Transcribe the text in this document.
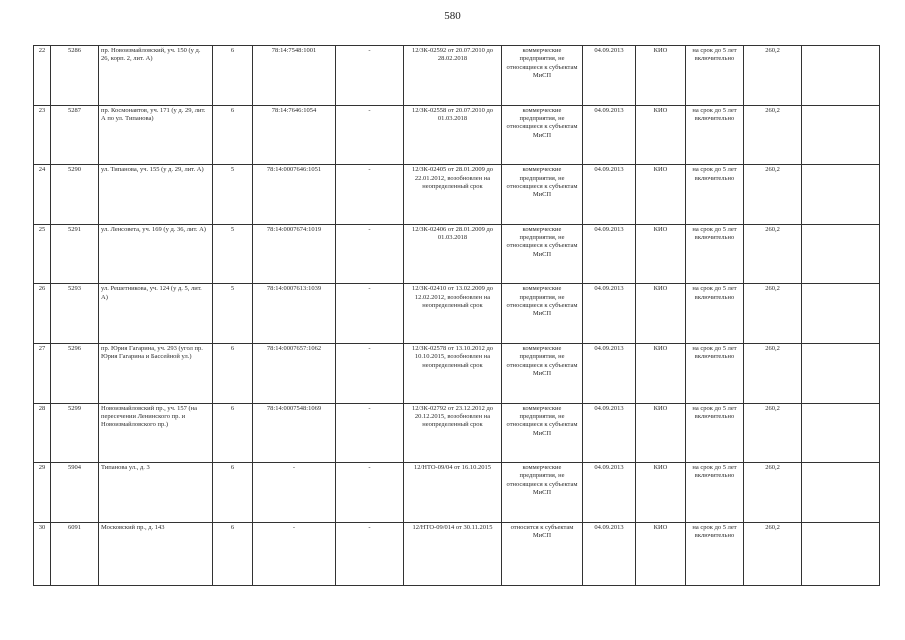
580
22	5286	пр. Новоизмайловский, уч. 150 (у д. 26, корп. 2, лит. А)	6	78:14:7548:1001	-	12/ЗК-02592 от 20.07.2010 до 28.02.2018	коммерческие предприятия, не относящиеся к субъектам МиСП	04.09.2013	КИО	на срок до 5 лет включительно	260,2	
23	5287	пр. Космонавтов, уч. 171 (у д. 29, лит. А по ул. Типанова)	6	78:14:7646:1054	-	12/ЗК-02558 от 20.07.2010 до 01.03.2018	коммерческие предприятия, не относящиеся к субъектам МиСП	04.09.2013	КИО	на срок до 5 лет включительно	260,2	
24	5290	ул. Типанова, уч. 155 (у д. 29, лит. А)	5	78:14:0007646:1051	-	12/ЗК-02405 от 28.01.2009 до 22.01.2012, возобновлен на неопределенный срок	коммерческие предприятия, не относящиеся к субъектам МиСП	04.09.2013	КИО	на срок до 5 лет включительно	260,2	
25	5291	ул. Ленсовета, уч. 169 (у д. 36, лит. А)	5	78:14:0007674:1019	-	12/ЗК-02406 от 28.01.2009 до 01.03.2018	коммерческие предприятия, не относящиеся к субъектам МиСП	04.09.2013	КИО	на срок до 5 лет включительно	260,2	
26	5293	ул. Решетникова, уч. 124 (у д. 5, лит. А)	5	78:14:0007613:1039	-	12/ЗК-02410 от 13.02.2009 до 12.02.2012, возобновлен на неопределенный срок	коммерческие предприятия, не относящиеся к субъектам МиСП	04.09.2013	КИО	на срок до 5 лет включительно	260,2	
27	5296	пр. Юрия Гагарина, уч. 293 (угол пр. Юрия Гагарина и Бассейной ул.)	6	78:14:0007657:1062	-	12/ЗК-02578 от 13.10.2012 до 10.10.2015, возобновлен на неопределенный срок	коммерческие предприятия, не относящиеся к субъектам МиСП	04.09.2013	КИО	на срок до 5 лет включительно	260,2	
28	5299	Новоизмайловский пр., уч. 157 (на пересечении Ленинского пр. и Новоизмайловского пр.)	6	78:14:0007548:1069	-	12/ЗК-02792 от 23.12.2012 до 20.12.2015, возобновлен на неопределенный срок	коммерческие предприятия, не относящиеся к субъектам МиСП	04.09.2013	КИО	на срок до 5 лет включительно	260,2	
29	5904	Типанова ул., д. 3	6	-	-	12/НТО-09/04 от 16.10.2015	коммерческие предприятия, не относящиеся к субъектам МиСП	04.09.2013	КИО	на срок до 5 лет включительно	260,2	
30	6091	Московский пр., д. 143	6	-	-	12/НТО-09/014 от 30.11.2015	относится к субъектам МиСП	04.09.2013	КИО	на срок до 5 лет включительно	260,2	
